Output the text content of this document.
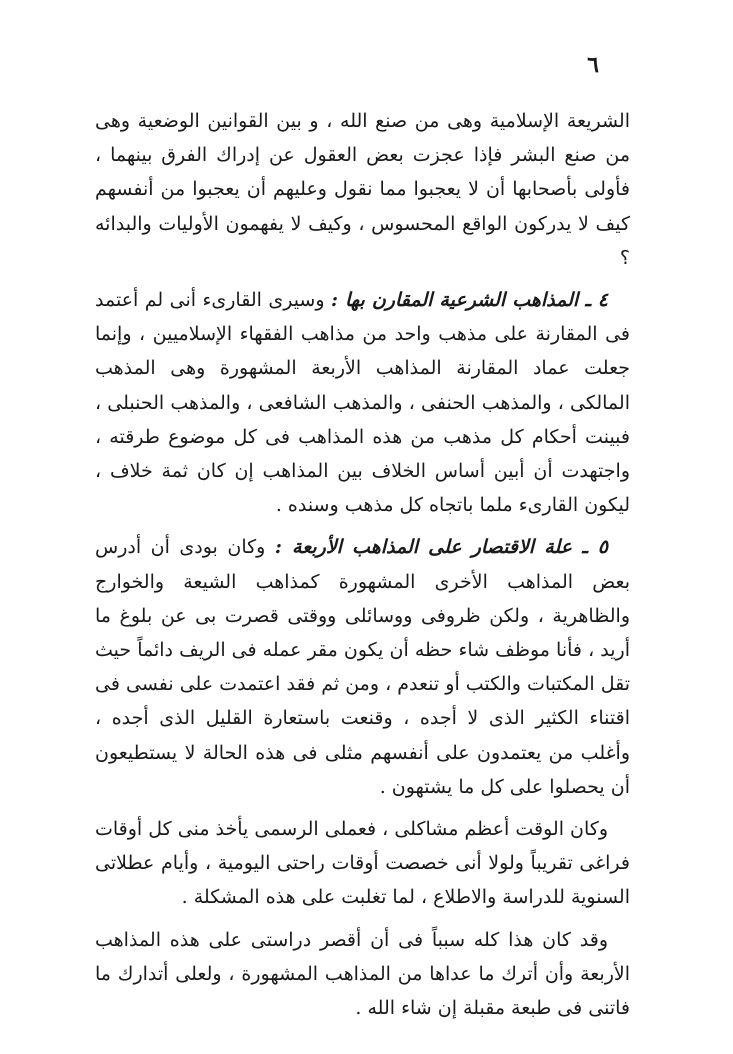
٦

الشريعة الإسلامية وهى من صنع الله ، و بين القوانين الوضعية وهى من صنع البشر فإذا عجزت بعض العقول عن إدراك الفرق بينهما ، فأولى بأصحابها أن لا يعجبوا مما نقول وعليهم أن يعجبوا من أنفسهم كيف لا يدركون الواقع المحسوس ، وكيف لا يفهمون الأوليات والبدائه ؟

٤ ـ المذاهب الشرعية المقارن بها : وسيرى القارىء أنى لم أعتمد فى المقارنة على مذهب واحد من مذاهب الفقهاء الإسلاميين ، وإنما جعلت عماد المقارنة المذاهب الأربعة المشهورة وهى المذهب المالكى ، والمذهب الحنفى ، والمذهب الشافعى ، والمذهب الحنبلى ، فبينت أحكام كل مذهب من هذه المذاهب فى كل موضوع طرقته ، واجتهدت أن أبين أساس الخلاف بين المذاهب إن كان ثمة خلاف ، ليكون القارىء ملما باتجاه كل مذهب وسنده .

٥ ـ علة الاقتصار على المذاهب الأربعة : وكان بودى أن أدرس بعض المذاهب الأخرى المشهورة كمذاهب الشيعة والخوارج والظاهرية ، ولكن ظروفى ووسائلى ووقتى قصرت بى عن بلوغ ما أريد ، فأنا موظف شاء حظه أن يكون مقر عمله فى الريف دائماً حيث تقل المكتبات والكتب أو تنعدم ، ومن ثم فقد اعتمدت على نفسى فى اقتناء الكثير الذى لا أجده ، وقنعت باستعارة القليل الذى أجده ، وأغلب من يعتمدون على أنفسهم مثلى فى هذه الحالة لا يستطيعون أن يحصلوا على كل ما يشتهون .

وكان الوقت أعظم مشاكلى ، فعملى الرسمى يأخذ منى كل أوقات فراغى تقريباً ولولا أنى خصصت أوقات راحتى اليومية ، وأيام عطلاتى السنوية للدراسة والاطلاع ، لما تغلبت على هذه المشكلة .

وقد كان هذا كله سبباً فى أن أقصر دراستى على هذه المذاهب الأربعة وأن أترك ما عداها من المذاهب المشهورة ، ولعلى أتدارك ما فاتنى فى طبعة مقبلة إن شاء الله .
